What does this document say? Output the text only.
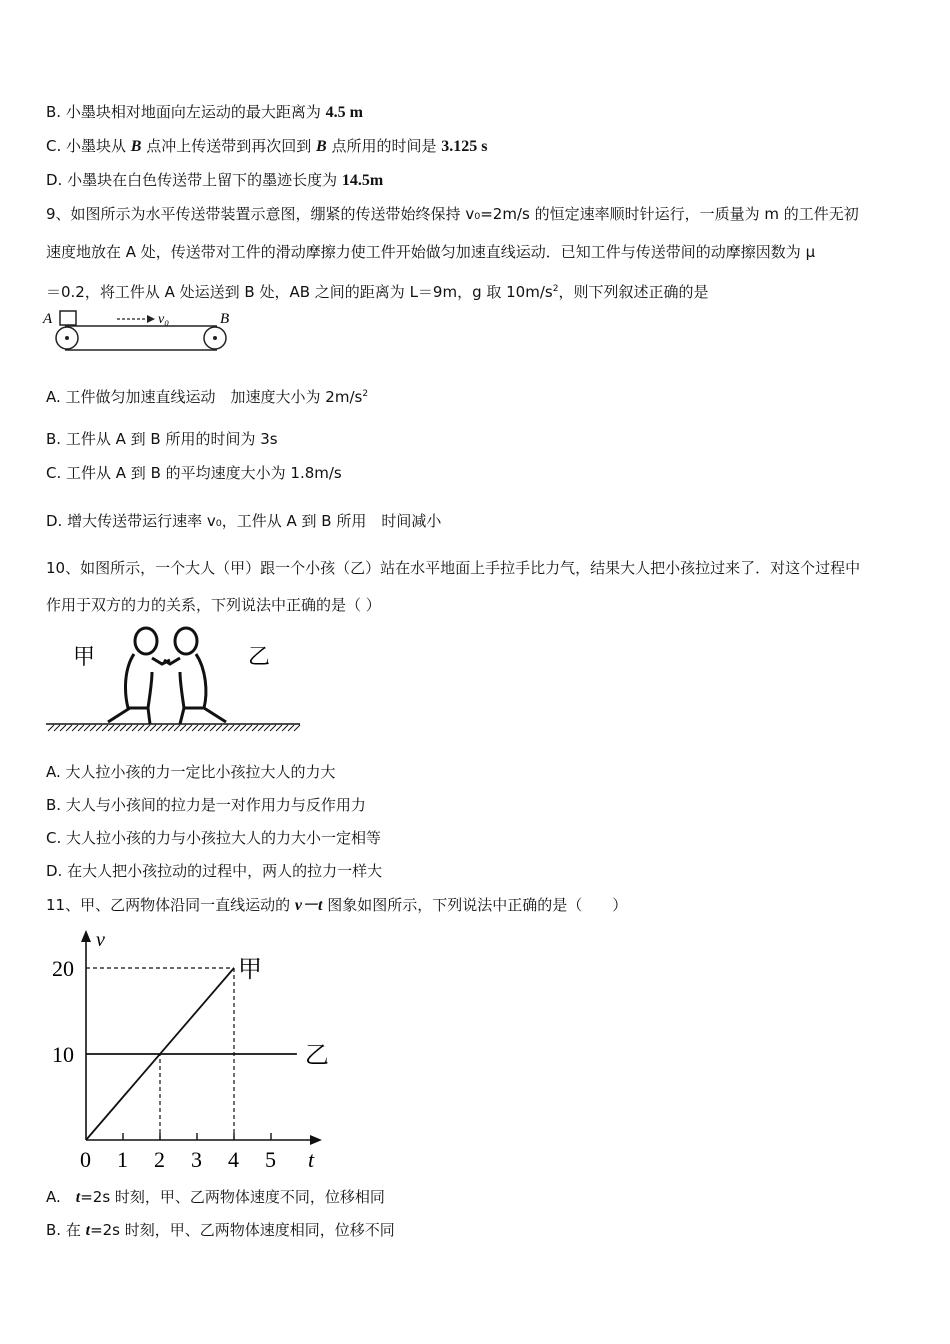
B. 小墨块相对地面向左运动的最大距离为 4.5 m
C. 小墨块从 B 点冲上传送带到再次回到 B 点所用的时间是 3.125 s
D. 小墨块在白色传送带上留下的墨迹长度为 14.5m
9、如图所示为水平传送带装置示意图，绷紧的传送带始终保持 v₀=2m/s 的恒定速率顺时针运行，一质量为 m 的工件无初
速度地放在 A 处，传送带对工件的滑动摩擦力使工件开始做匀加速直线运动．已知工件与传送带间的动摩擦因数为 μ
＝0.2，将工件从 A 处运送到 B 处，AB 之间的距离为 L＝9m，g 取 $10m/s^2$，则下列叙述正确的是
A	v₀	B
A. 工件做匀加速直线运动　加速度大小为 $2m/s^2$
B. 工件从 A 到 B 所用的时间为 3s
C. 工件从 A 到 B 的平均速度大小为 1.8m/s
D. 增大传送带运行速率 v₀，工件从 A 到 B 所用　时间减小
10、如图所示，一个大人（甲）跟一个小孩（乙）站在水平地面上手拉手比力气，结果大人把小孩拉过来了．对这个过程中
作用于双方的力的关系，下列说法中正确的是（ ）
甲	乙
A. 大人拉小孩的力一定比小孩拉大人的力大
B. 大人与小孩间的拉力是一对作用力与反作用力
C. 大人拉小孩的力与小孩拉大人的力大小一定相等
D. 在大人把小孩拉动的过程中，两人的拉力一样大
11、甲、乙两物体沿同一直线运动的 v－t 图象如图所示，下列说法中正确的是（　　）
v
t
0 1 2 3 4 5
10
20	甲
乙
A.　t=2s 时刻，甲、乙两物体速度不同，位移相同
B. 在 t=2s 时刻，甲、乙两物体速度相同，位移不同
